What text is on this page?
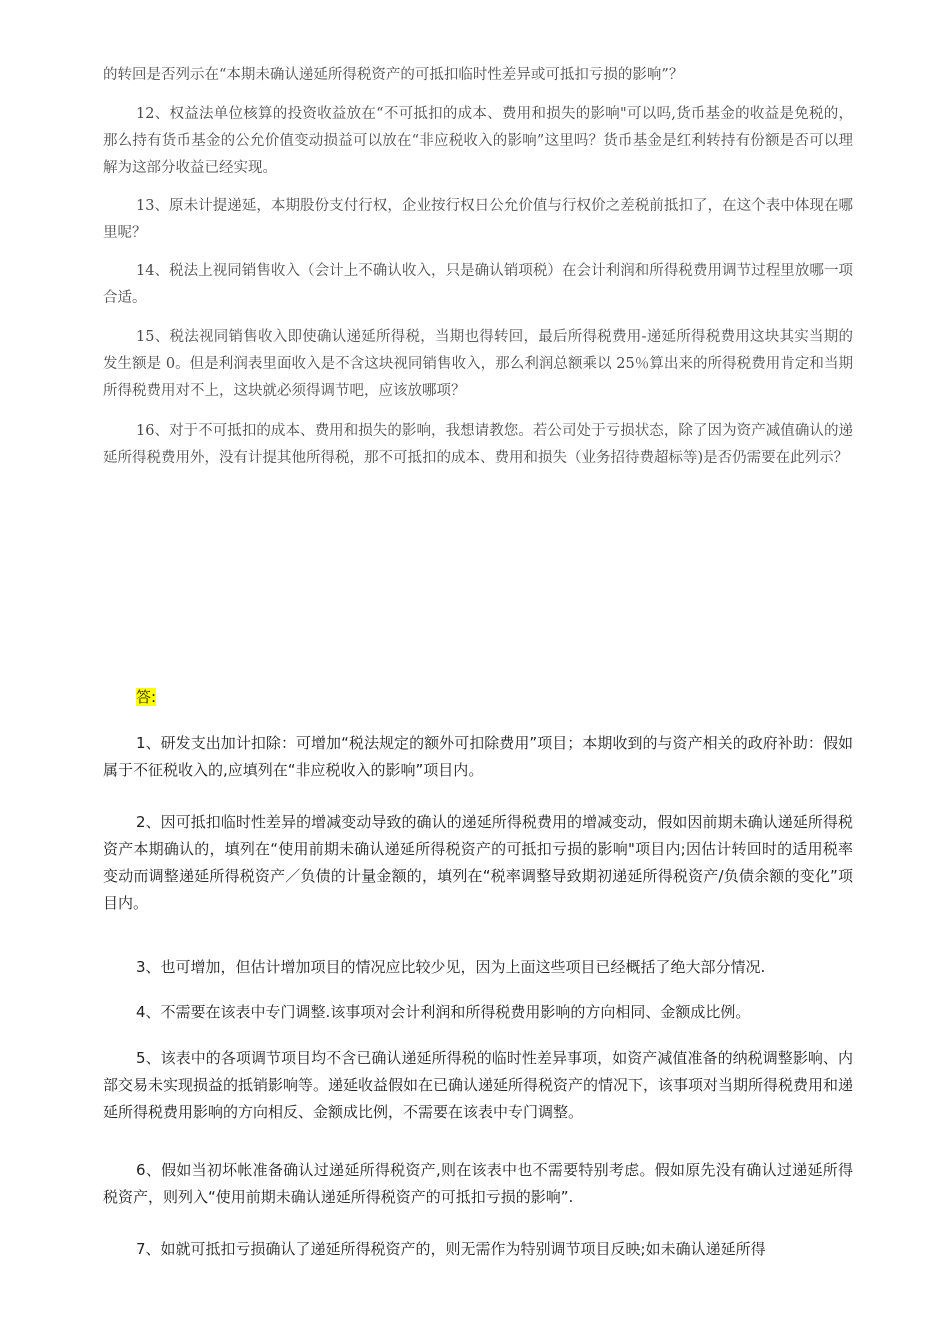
的转回是否列示在“本期未确认递延所得税资产的可抵扣临时性差异或可抵扣亏损的影响”？

12、权益法单位核算的投资收益放在“不可抵扣的成本、费用和损失的影响"可以吗,货币基金的收益是免税的，那么持有货币基金的公允价值变动损益可以放在“非应税收入的影响”这里吗？货币基金是红利转持有份额是否可以理解为这部分收益已经实现。

13、原未计提递延，本期股份支付行权，企业按行权日公允价值与行权价之差税前抵扣了，在这个表中体现在哪里呢？

14、税法上视同销售收入（会计上不确认收入，只是确认销项税）在会计利润和所得税费用调节过程里放哪一项合适。

15、税法视同销售收入即使确认递延所得税，当期也得转回，最后所得税费用-递延所得税费用这块其实当期的发生额是 0。但是利润表里面收入是不含这块视同销售收入，那么利润总额乘以 25％算出来的所得税费用肯定和当期所得税费用对不上，这块就必须得调节吧，应该放哪项？

16、对于不可抵扣的成本、费用和损失的影响，我想请教您。若公司处于亏损状态，除了因为资产减值确认的递延所得税费用外，没有计提其他所得税，那不可抵扣的成本、费用和损失（业务招待费超标等)是否仍需要在此列示？

答:

1、研发支出加计扣除：可增加“税法规定的额外可扣除费用”项目；本期收到的与资产相关的政府补助：假如属于不征税收入的,应填列在“非应税收入的影响”项目内。

2、因可抵扣临时性差异的增减变动导致的确认的递延所得税费用的增减变动，假如因前期未确认递延所得税资产本期确认的，填列在“使用前期未确认递延所得税资产的可抵扣亏损的影响"项目内;因估计转回时的适用税率变动而调整递延所得税资产／负债的计量金额的，填列在“税率调整导致期初递延所得税资产/负债余额的变化”项目内。

3、也可增加，但估计增加项目的情况应比较少见，因为上面这些项目已经概括了绝大部分情况.

4、不需要在该表中专门调整.该事项对会计利润和所得税费用影响的方向相同、金额成比例。

5、该表中的各项调节项目均不含已确认递延所得税的临时性差异事项，如资产减值准备的纳税调整影响、内部交易未实现损益的抵销影响等。递延收益假如在已确认递延所得税资产的情况下，该事项对当期所得税费用和递延所得税费用影响的方向相反、金额成比例，不需要在该表中专门调整。

6、假如当初坏帐准备确认过递延所得税资产,则在该表中也不需要特别考虑。假如原先没有确认过递延所得税资产，则列入“使用前期未确认递延所得税资产的可抵扣亏损的影响”.

7、如就可抵扣亏损确认了递延所得税资产的，则无需作为特别调节项目反映;如未确认递延所得
